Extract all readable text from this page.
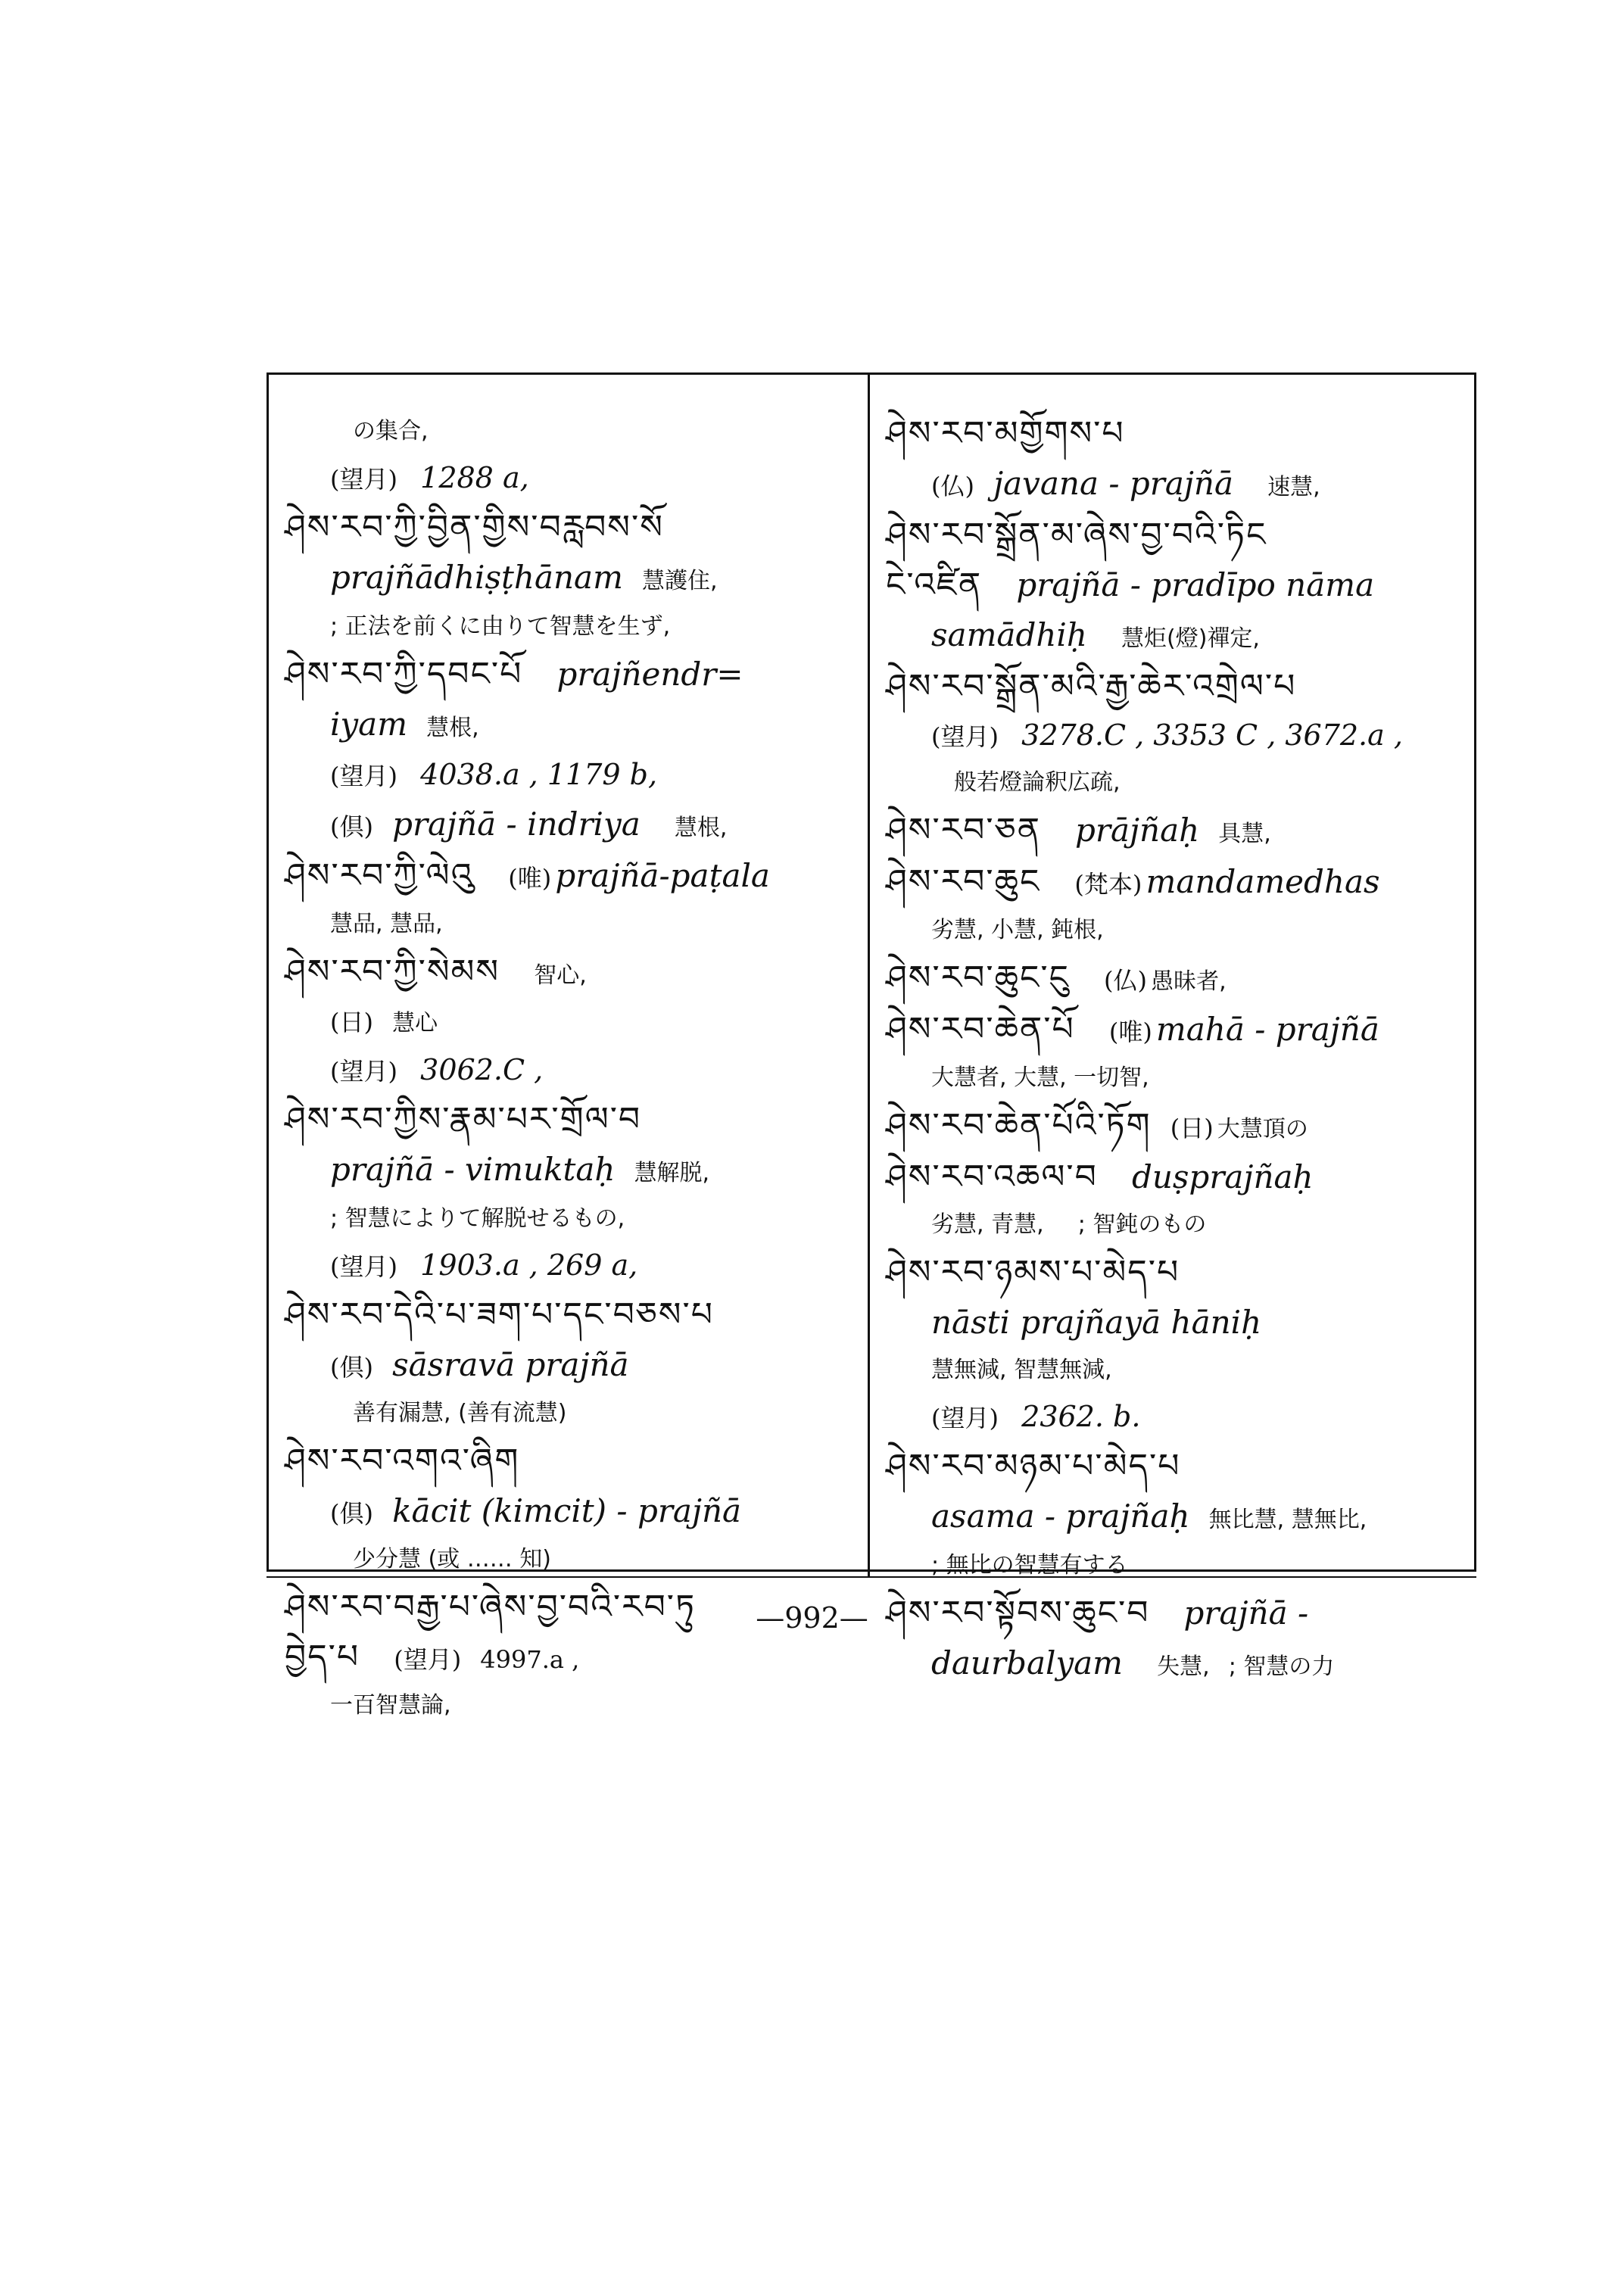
の集合,
(望月) 1288 a,
ཤེས་རབ་ཀྱི་བྱིན་གྱིས་བརླབས་སོ
prajñādhiṣṭhānam 慧護住,
; 正法を前くに由りて智慧を生ず,
ཤེས་རབ་ཀྱི་དབང་པོ prajñendr=
iyam 慧根,
(望月) 4038.a , 1179 b,
(倶) prajñā - indriya 慧根,
ཤེས་རབ་ཀྱི་ལེའུ (唯) prajñā-paṭala
慧品, 慧品,
ཤེས་རབ་ཀྱི་སེམས 智心,
(日) 慧心
(望月) 3062.C ,
ཤེས་རབ་ཀྱིས་རྣམ་པར་གྲོལ་བ
prajñā - vimuktaḥ 慧解脱,
; 智慧によりて解脱せるもの,
(望月) 1903.a , 269 a,
ཤེས་རབ་དེའི་པ་ཟག་པ་དང་བཅས་པ
(倶) sāsravā prajñā
善有漏慧, (善有流慧)
ཤེས་རབ་འགའ་ཞིག
(倶) kācit (kimcit) - prajñā
少分慧 (或 …… 知)
ཤེས་རབ་བརྒྱ་པ་ཞེས་བྱ་བའི་རབ་ཏུ
བྱེད་པ (望月) 4997.a ,
一百智慧論,
ཤེས་རབ་མགྱོགས་པ
(仏) javana - prajñā 速慧,
ཤེས་རབ་སྒྲོན་མ་ཞེས་བྱ་བའི་ཏིང
ངེ་འཛིན prajñā - pradīpo nāma
samādhiḥ 慧炬(燈)禪定,
ཤེས་རབ་སྒྲོན་མའི་རྒྱ་ཆེར་འགྲེལ་པ
(望月) 3278.C , 3353 C , 3672.a ,
般若燈論釈広疏,
ཤེས་རབ་ཅན prājñaḥ 具慧,
ཤེས་རབ་ཆུང (梵本) mandamedhas
劣慧, 小慧, 鈍根,
ཤེས་རབ་ཆུང་ངུ (仏) 愚昧者,
ཤེས་རབ་ཆེན་པོ (唯) mahā - prajñā
大慧者, 大慧, 一切智,
ཤེས་རབ་ཆེན་པོའི་ཏོག (日) 大慧頂の
ཤེས་རབ་འཆལ་བ duṣprajñaḥ
劣慧, 青慧, ; 智鈍のもの
ཤེས་རབ་ཉམས་པ་མེད་པ
nāsti prajñayā hāniḥ
慧無減, 智慧無減,
(望月) 2362. b.
ཤེས་རབ་མཉམ་པ་མེད་པ
asama - prajñaḥ 無比慧, 慧無比,
; 無比の智慧有する
ཤེས་རབ་སྟོབས་ཆུང་བ prajñā -
daurbalyam 失慧, ; 智慧の力
—992—
